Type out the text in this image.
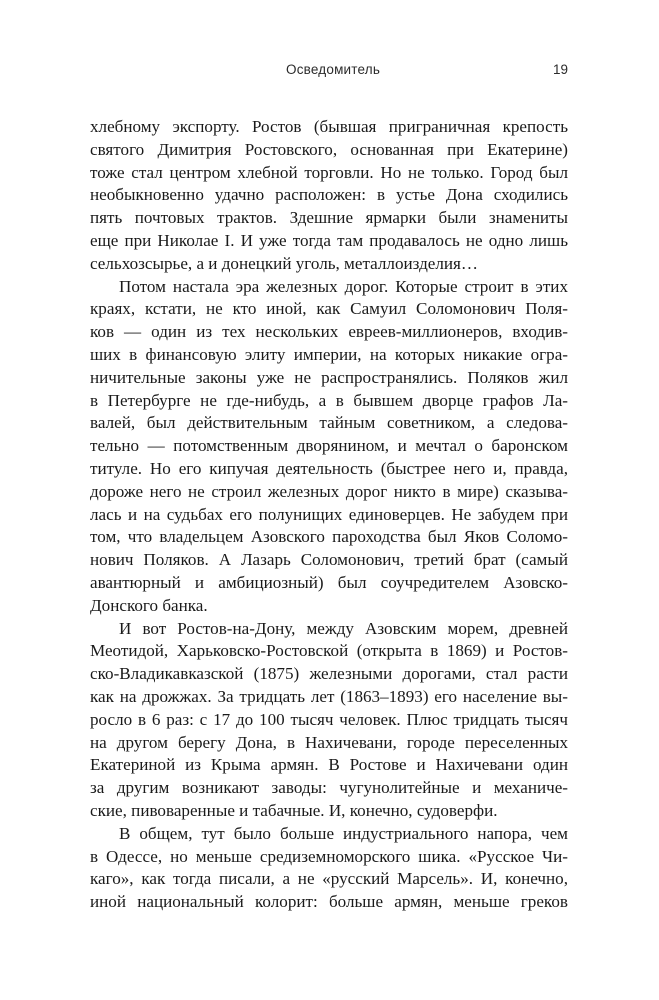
Осведомитель	19
хлебному экспорту. Ростов (бывшая приграничная крепость
святого Димитрия Ростовского, основанная при Екатерине)
тоже стал центром хлебной торговли. Но не только. Город был
необыкновенно удачно расположен: в устье Дона сходились
пять почтовых трактов. Здешние ярмарки были знамениты
еще при Николае I. И уже тогда там продавалось не одно лишь
сельхозсырье, а и донецкий уголь, металлоизделия…
Потом настала эра железных дорог. Которые строит в этих
краях, кстати, не кто иной, как Самуил Соломонович Поля-
ков — один из тех нескольких евреев-миллионеров, входив-
ших в финансовую элиту империи, на которых никакие огра-
ничительные законы уже не распространялись. Поляков жил
в Петербурге не где-нибудь, а в бывшем дворце графов Ла-
валей, был действительным тайным советником, а следова-
тельно — потомственным дворянином, и мечтал о баронском
титуле. Но его кипучая деятельность (быстрее него и, правда,
дороже него не строил железных дорог никто в мире) сказыва-
лась и на судьбах его полунищих единоверцев. Не забудем при
том, что владельцем Азовского пароходства был Яков Соломо-
нович Поляков. А Лазарь Соломонович, третий брат (самый
авантюрный и амбициозный) был соучредителем Азовско-
Донского банка.
И вот Ростов-на-Дону, между Азовским морем, древней
Меотидой, Харьковско-Ростовской (открыта в 1869) и Ростов-
ско-Владикавказской (1875) железными дорогами, стал расти
как на дрожжах. За тридцать лет (1863–1893) его население вы-
росло в 6 раз: с 17 до 100 тысяч человек. Плюс тридцать тысяч
на другом берегу Дона, в Нахичевани, городе переселенных
Екатериной из Крыма армян. В Ростове и Нахичевани один
за другим возникают заводы: чугунолитейные и механиче-
ские, пивоваренные и табачные. И, конечно, судоверфи.
В общем, тут было больше индустриального напора, чем
в Одессе, но меньше средиземноморского шика. «Русское Чи-
каго», как тогда писали, а не «русский Марсель». И, конечно,
иной национальный колорит: больше армян, меньше греков
